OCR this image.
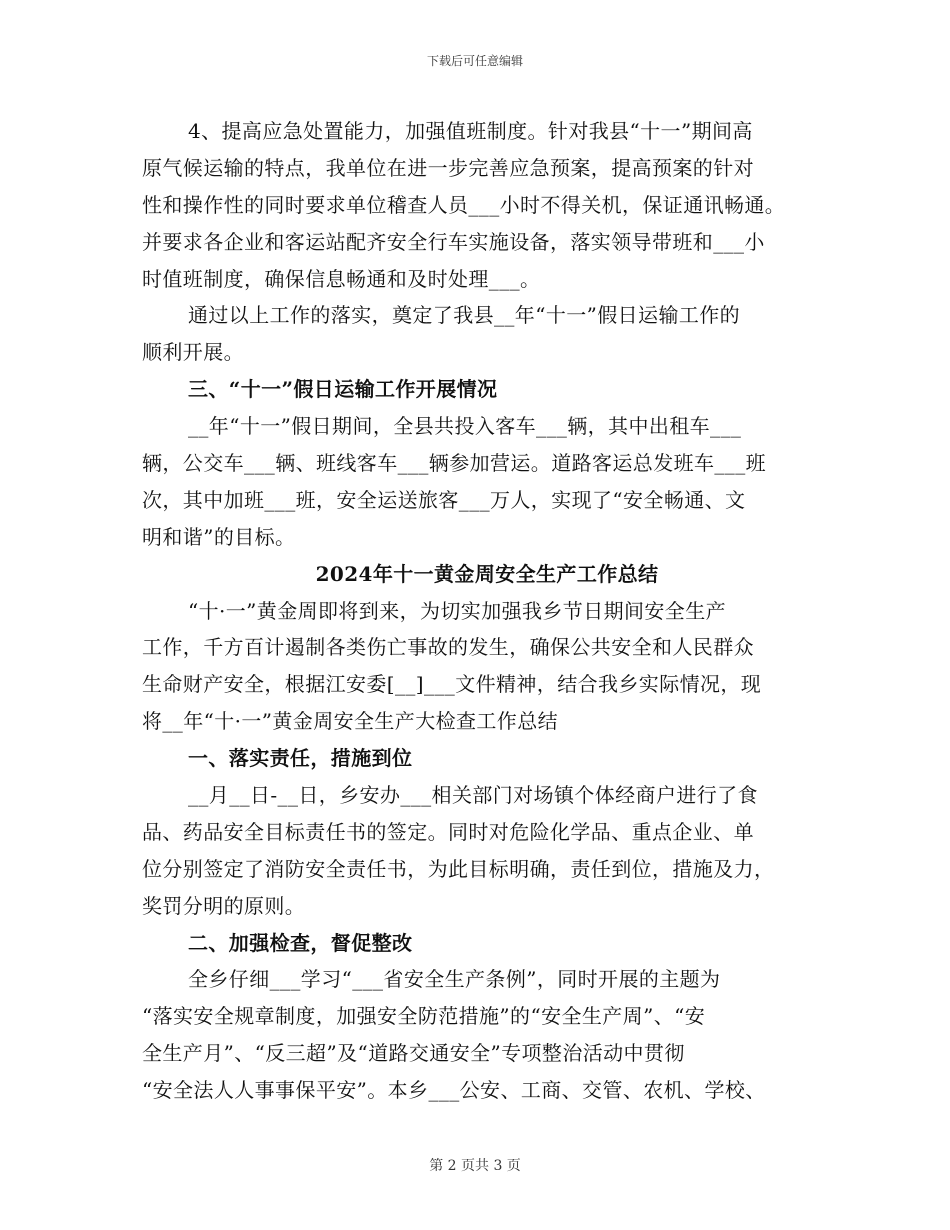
下载后可任意编辑
4、提高应急处置能力，加强值班制度。针对我县“十一”期间高
原气候运输的特点，我单位在进一步完善应急预案，提高预案的针对
性和操作性的同时要求单位稽查人员___小时不得关机，保证通讯畅通。
并要求各企业和客运站配齐安全行车实施设备，落实领导带班和___小
时值班制度，确保信息畅通和及时处理___。
通过以上工作的落实，奠定了我县__年“十一”假日运输工作的
顺利开展。
三、“十一”假日运输工作开展情况
__年“十一”假日期间，全县共投入客车___辆，其中出租车___
辆，公交车___辆、班线客车___辆参加营运。道路客运总发班车___班
次，其中加班___班，安全运送旅客___万人，实现了“安全畅通、文
明和谐”的目标。
2024年十一黄金周安全生产工作总结
“十·一”黄金周即将到来，为切实加强我乡节日期间安全生产
工作，千方百计遏制各类伤亡事故的发生，确保公共安全和人民群众
生命财产安全，根据江安委[__]___文件精神，结合我乡实际情况，现
将__年“十·一”黄金周安全生产大检查工作总结
一、落实责任，措施到位
__月__日-__日，乡安办___相关部门对场镇个体经商户进行了食
品、药品安全目标责任书的签定。同时对危险化学品、重点企业、单
位分别签定了消防安全责任书，为此目标明确，责任到位，措施及力，
奖罚分明的原则。
二、加强检查，督促整改
全乡仔细___学习“___省安全生产条例”，同时开展的主题为
“落实安全规章制度，加强安全防范措施”的“安全生产周”、“安
全生产月”、“反三超”及“道路交通安全”专项整治活动中贯彻
“安全法人人事事保平安”。本乡___公安、工商、交管、农机、学校、
第 2 页共 3 页
